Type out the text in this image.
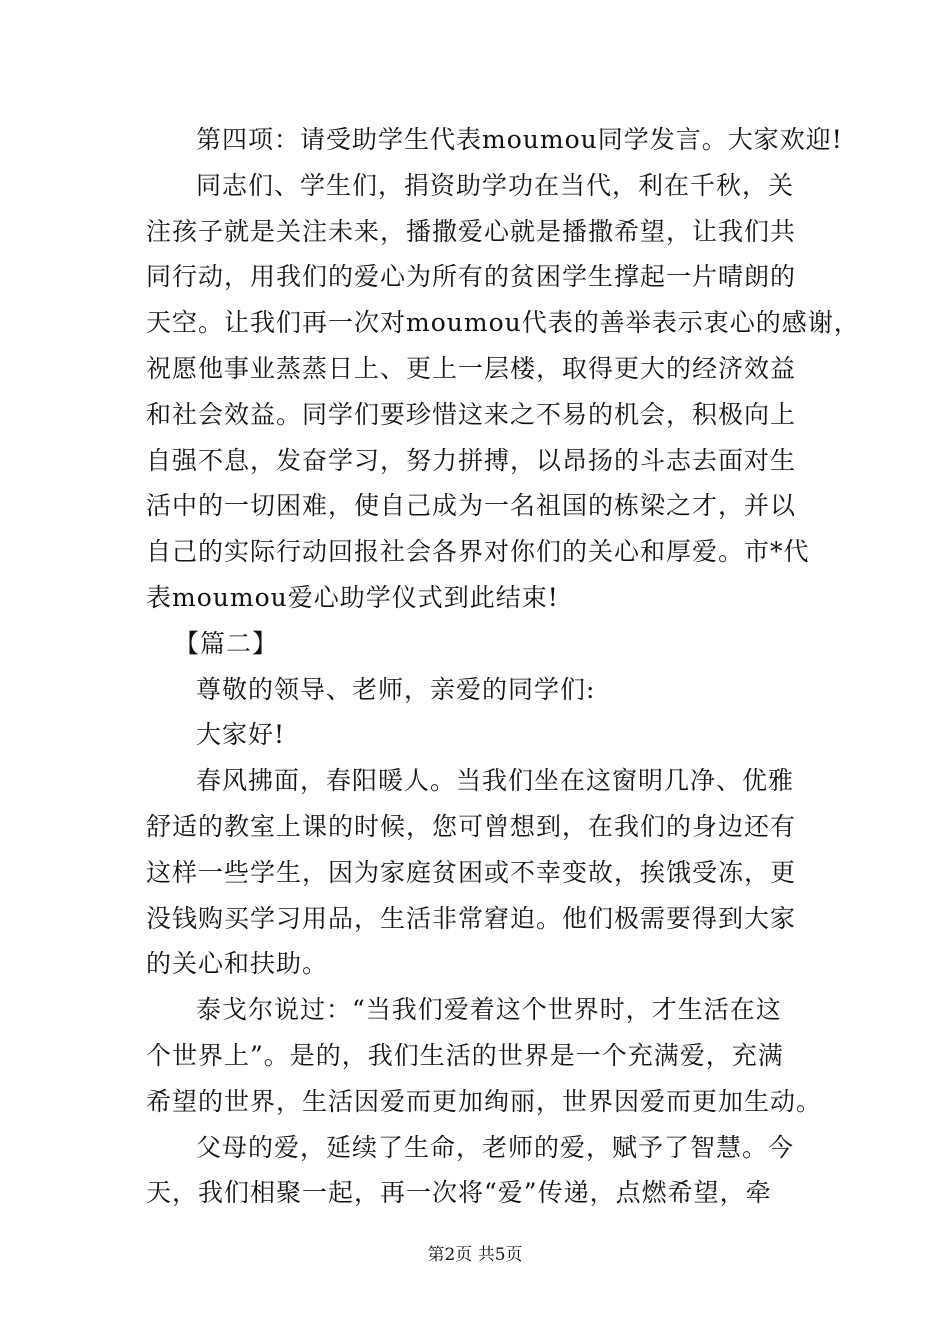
第四项：请受助学生代表moumou同学发言。大家欢迎!
同志们、学生们，捐资助学功在当代，利在千秋，关
注孩子就是关注未来，播撒爱心就是播撒希望，让我们共
同行动，用我们的爱心为所有的贫困学生撑起一片晴朗的
天空。让我们再一次对moumou代表的善举表示衷心的感谢，
祝愿他事业蒸蒸日上、更上一层楼，取得更大的经济效益
和社会效益。同学们要珍惜这来之不易的机会，积极向上
自强不息，发奋学习，努力拼搏，以昂扬的斗志去面对生
活中的一切困难，使自己成为一名祖国的栋梁之才，并以
自己的实际行动回报社会各界对你们的关心和厚爱。市*代
表moumou爱心助学仪式到此结束!
【篇二】
尊敬的领导、老师，亲爱的同学们:
大家好!
春风拂面，春阳暖人。当我们坐在这窗明几净、优雅
舒适的教室上课的时候，您可曾想到，在我们的身边还有
这样一些学生，因为家庭贫困或不幸变故，挨饿受冻，更
没钱购买学习用品，生活非常窘迫。他们极需要得到大家
的关心和扶助。
泰戈尔说过：“当我们爱着这个世界时，才生活在这
个世界上”。是的，我们生活的世界是一个充满爱，充满
希望的世界，生活因爱而更加绚丽，世界因爱而更加生动。
父母的爱，延续了生命，老师的爱，赋予了智慧。今
天，我们相聚一起，再一次将“爱”传递，点燃希望，牵
第2页 共5页
